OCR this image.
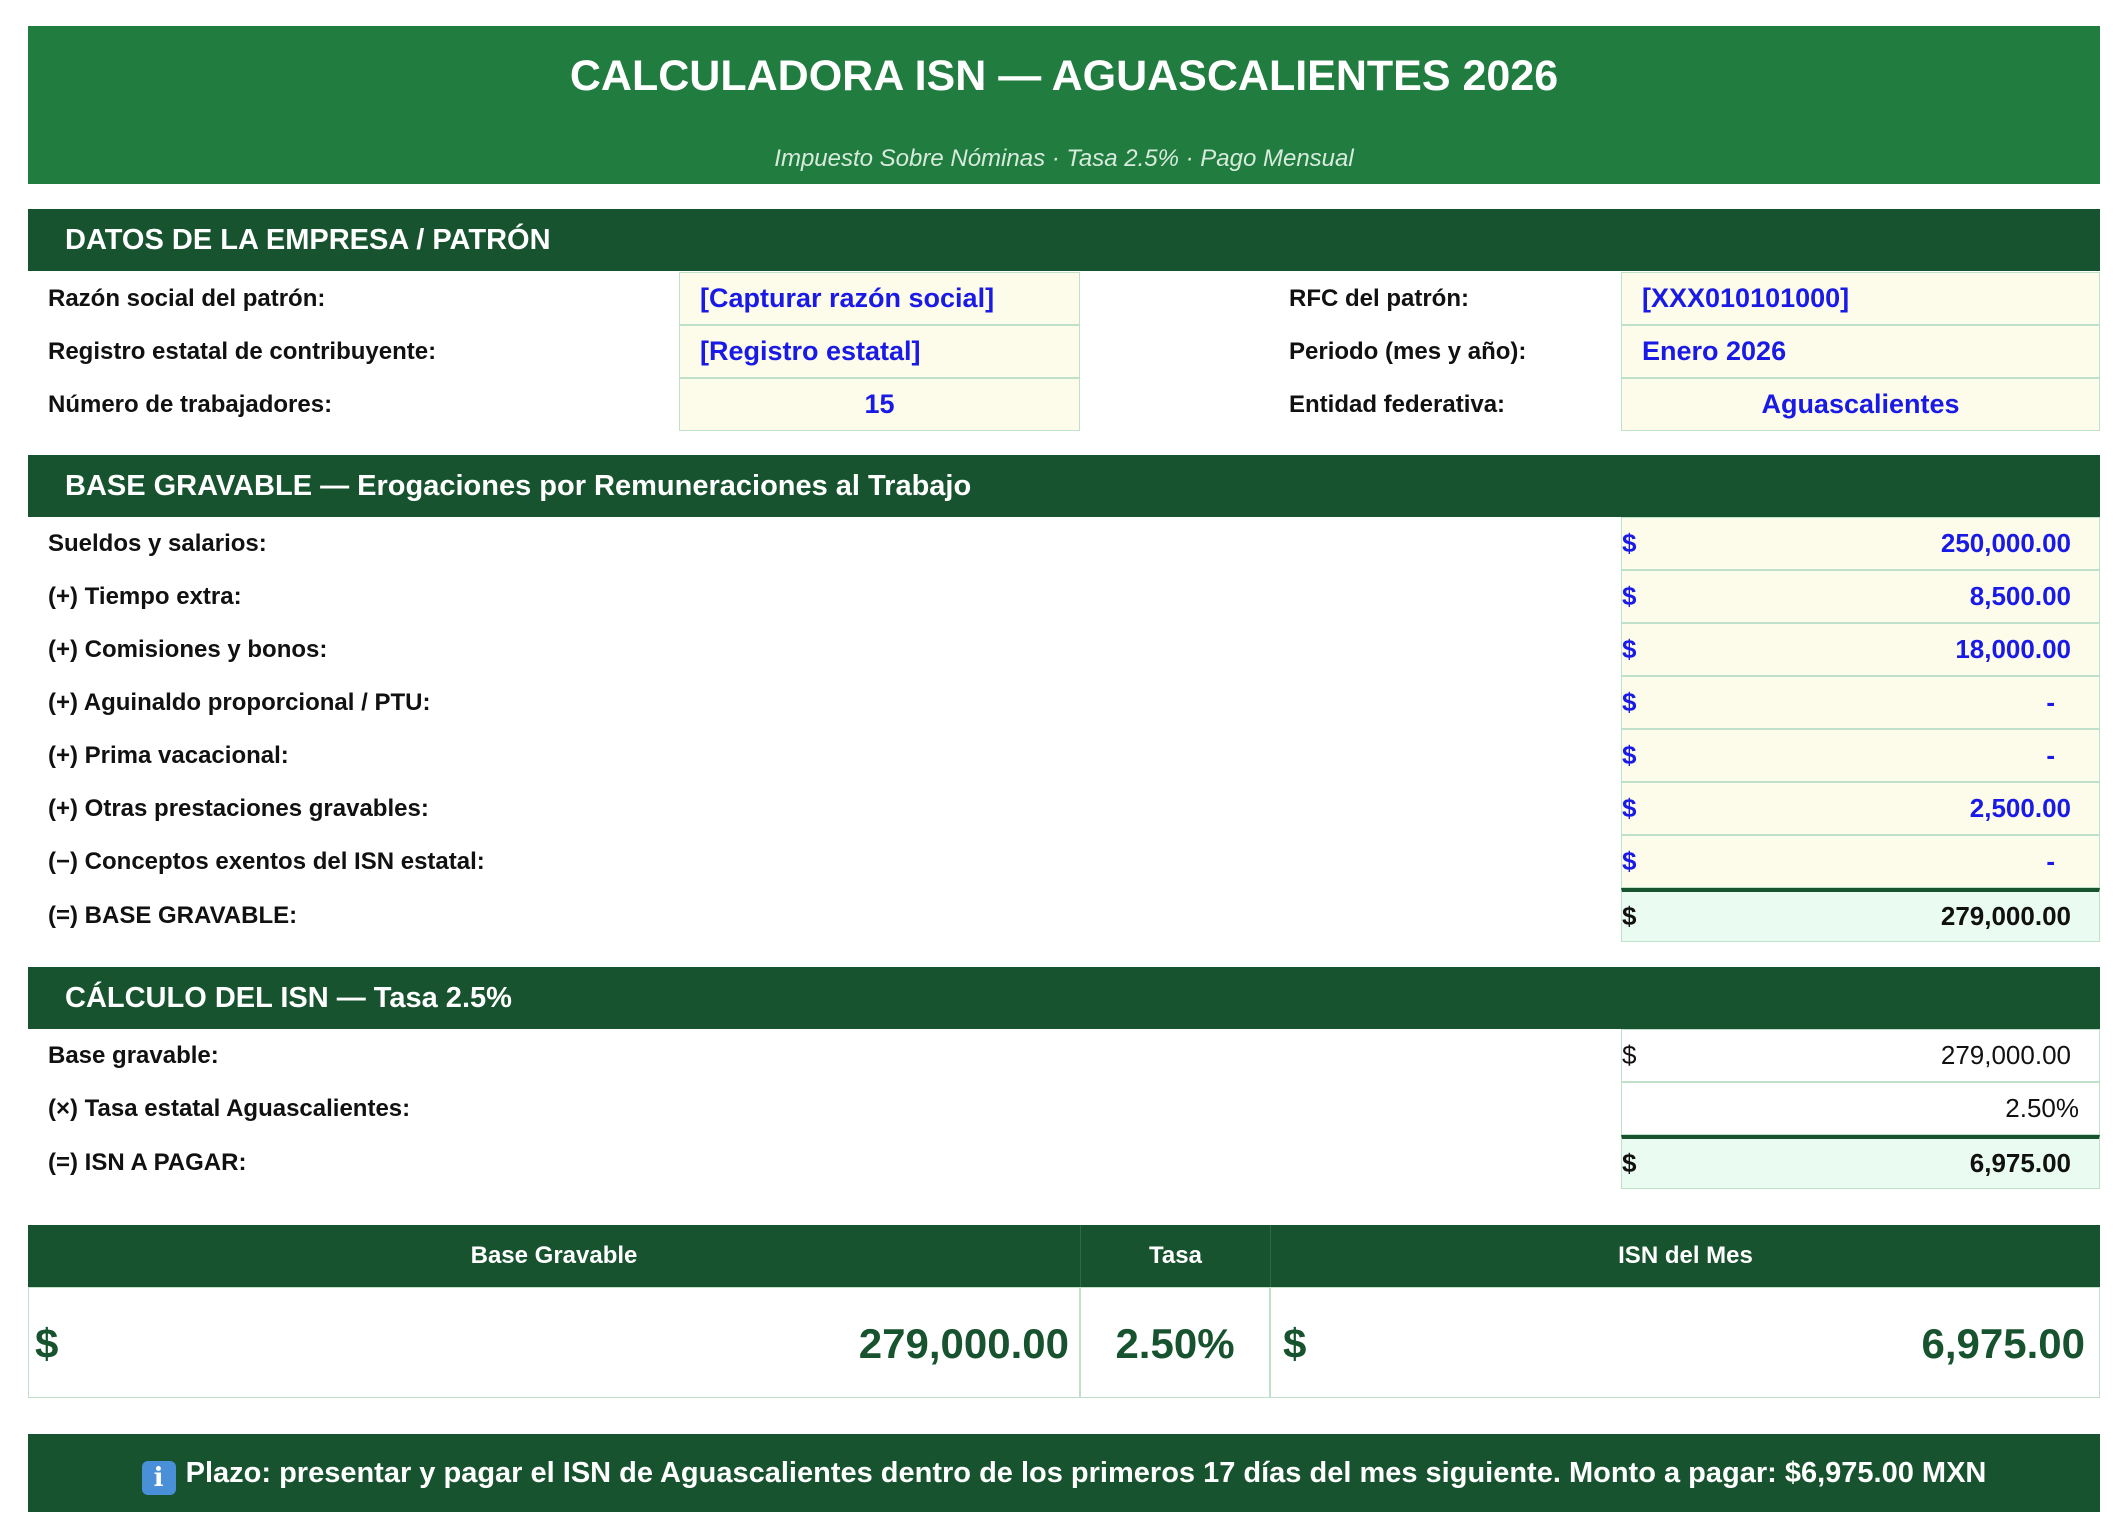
CALCULADORA ISN — AGUASCALIENTES 2026
Impuesto Sobre Nóminas · Tasa 2.5% · Pago Mensual
DATOS DE LA EMPRESA / PATRÓN
Razón social del patrón:	[Capturar razón social]
Registro estatal de contribuyente:	[Registro estatal]
Número de trabajadores:	15
RFC del patrón:	[XXX010101000]
Periodo (mes y año):	Enero 2026
Entidad federativa:	Aguascalientes
BASE GRAVABLE — Erogaciones por Remuneraciones al Trabajo
Sueldos y salarios:	$	250,000.00
(+) Tiempo extra:	$	8,500.00
(+) Comisiones y bonos:	$	18,000.00
(+) Aguinaldo proporcional / PTU:	$	-
(+) Prima vacacional:	$	-
(+) Otras prestaciones gravables:	$	2,500.00
(−) Conceptos exentos del ISN estatal:	$	-
(=) BASE GRAVABLE:	$	279,000.00
CÁLCULO DEL ISN — Tasa 2.5%
Base gravable:	$	279,000.00
(×) Tasa estatal Aguascalientes:	2.50%
(=) ISN A PAGAR:	$	6,975.00
Base Gravable	Tasa	ISN del Mes
$	279,000.00	2.50%	$	6,975.00
i Plazo: presentar y pagar el ISN de Aguascalientes dentro de los primeros 17 días del mes siguiente. Monto a pagar: $6,975.00 MXN
